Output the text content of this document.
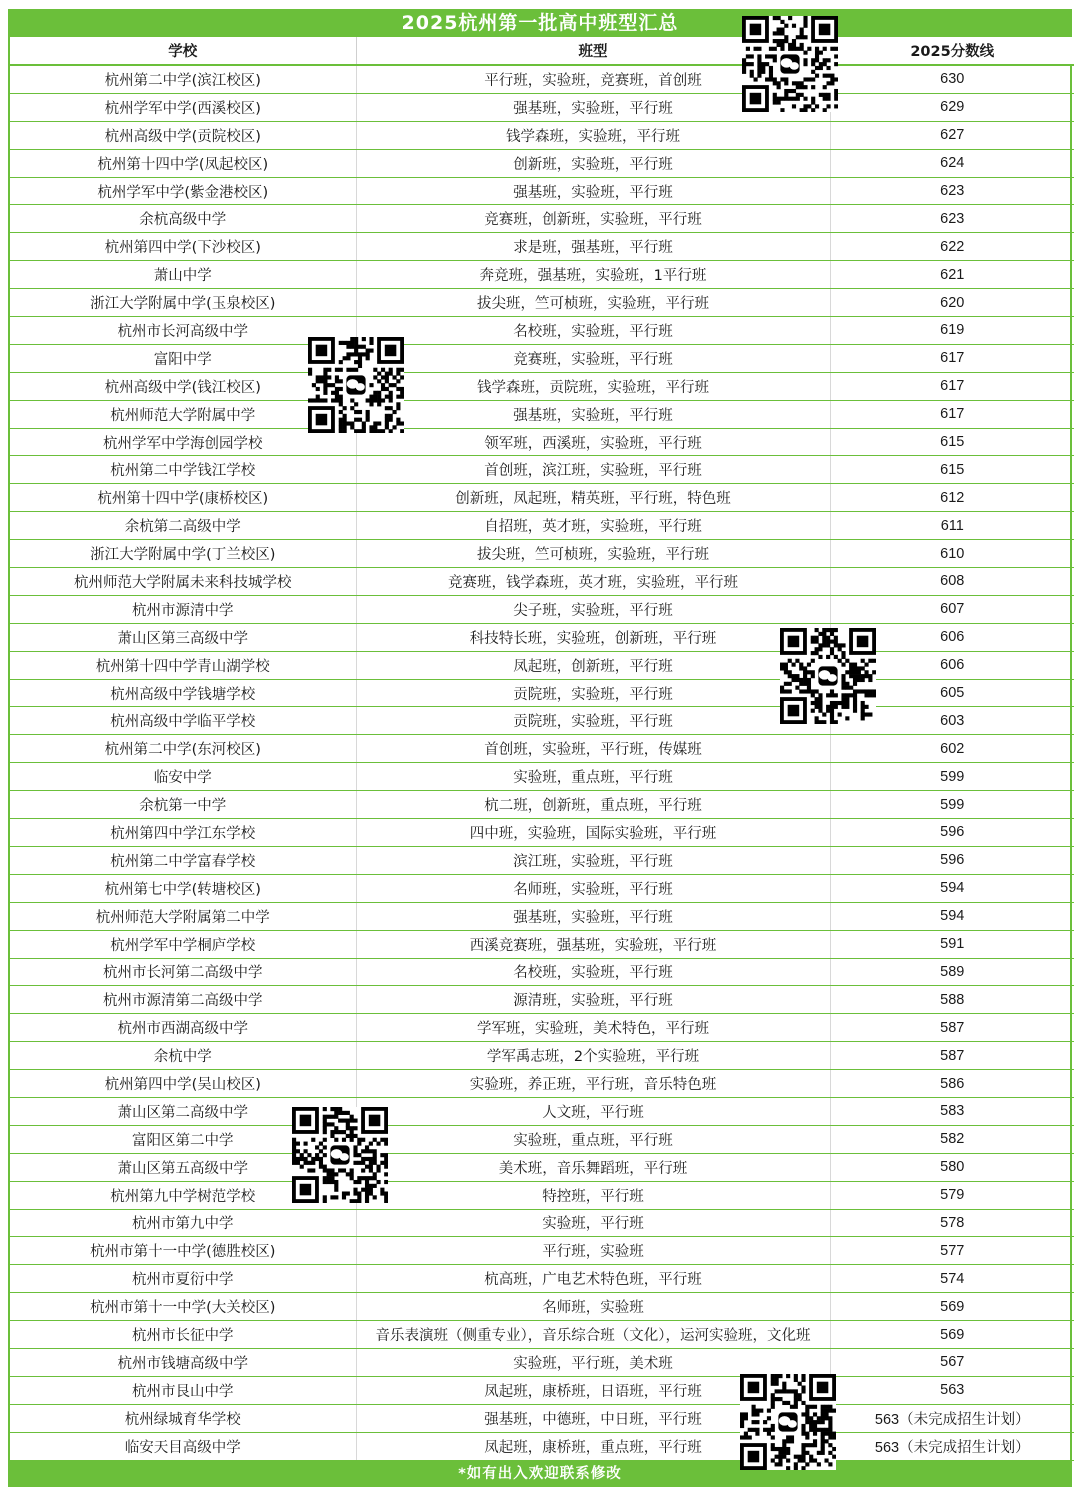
2025杭州第一批高中班型汇总
学校	班型	2025分数线
杭州第二中学(滨江校区)	平行班，实验班，竞赛班，首创班	630
杭州学军中学(西溪校区)	强基班，实验班，平行班	629
杭州高级中学(贡院校区)	钱学森班，实验班，平行班	627
杭州第十四中学(凤起校区)	创新班，实验班，平行班	624
杭州学军中学(紫金港校区)	强基班，实验班，平行班	623
余杭高级中学	竞赛班，创新班，实验班，平行班	623
杭州第四中学(下沙校区)	求是班，强基班，平行班	622
萧山中学	奔竞班，强基班，实验班，1平行班	621
浙江大学附属中学(玉泉校区)	拔尖班，竺可桢班，实验班，平行班	620
杭州市长河高级中学	名校班，实验班，平行班	619
富阳中学	竞赛班，实验班，平行班	617
杭州高级中学(钱江校区)	钱学森班，贡院班，实验班，平行班	617
杭州师范大学附属中学	强基班，实验班，平行班	617
杭州学军中学海创园学校	领军班，西溪班，实验班，平行班	615
杭州第二中学钱江学校	首创班，滨江班，实验班，平行班	615
杭州第十四中学(康桥校区)	创新班，凤起班，精英班，平行班，特色班	612
余杭第二高级中学	自招班，英才班，实验班，平行班	611
浙江大学附属中学(丁兰校区)	拔尖班，竺可桢班，实验班，平行班	610
杭州师范大学附属未来科技城学校	竞赛班，钱学森班，英才班，实验班，平行班	608
杭州市源清中学	尖子班，实验班，平行班	607
萧山区第三高级中学	科技特长班，实验班，创新班，平行班	606
杭州第十四中学青山湖学校	凤起班，创新班，平行班	606
杭州高级中学钱塘学校	贡院班，实验班，平行班	605
杭州高级中学临平学校	贡院班，实验班，平行班	603
杭州第二中学(东河校区)	首创班，实验班，平行班，传媒班	602
临安中学	实验班，重点班，平行班	599
余杭第一中学	杭二班，创新班，重点班，平行班	599
杭州第四中学江东学校	四中班，实验班，国际实验班，平行班	596
杭州第二中学富春学校	滨江班，实验班，平行班	596
杭州第七中学(转塘校区)	名师班，实验班，平行班	594
杭州师范大学附属第二中学	强基班，实验班，平行班	594
杭州学军中学桐庐学校	西溪竞赛班，强基班，实验班，平行班	591
杭州市长河第二高级中学	名校班，实验班，平行班	589
杭州市源清第二高级中学	源清班，实验班，平行班	588
杭州市西湖高级中学	学军班，实验班，美术特色，平行班	587
余杭中学	学军禹志班，2个实验班，平行班	587
杭州第四中学(吴山校区)	实验班，养正班，平行班，音乐特色班	586
萧山区第二高级中学	人文班，平行班	583
富阳区第二中学	实验班，重点班，平行班	582
萧山区第五高级中学	美术班，音乐舞蹈班，平行班	580
杭州第九中学树范学校	特控班，平行班	579
杭州市第九中学	实验班，平行班	578
杭州市第十一中学(德胜校区)	平行班，实验班	577
杭州市夏衍中学	杭高班，广电艺术特色班，平行班	574
杭州市第十一中学(大关校区)	名师班，实验班	569
杭州市长征中学	音乐表演班（侧重专业），音乐综合班（文化），运河实验班，文化班	569
杭州市钱塘高级中学	实验班，平行班，美术班	567
杭州市艮山中学	凤起班，康桥班，日语班，平行班	563
杭州绿城育华学校	强基班，中德班，中日班，平行班	563（未完成招生计划）
临安天目高级中学	凤起班，康桥班，重点班，平行班	563（未完成招生计划）
*如有出入欢迎联系修改
